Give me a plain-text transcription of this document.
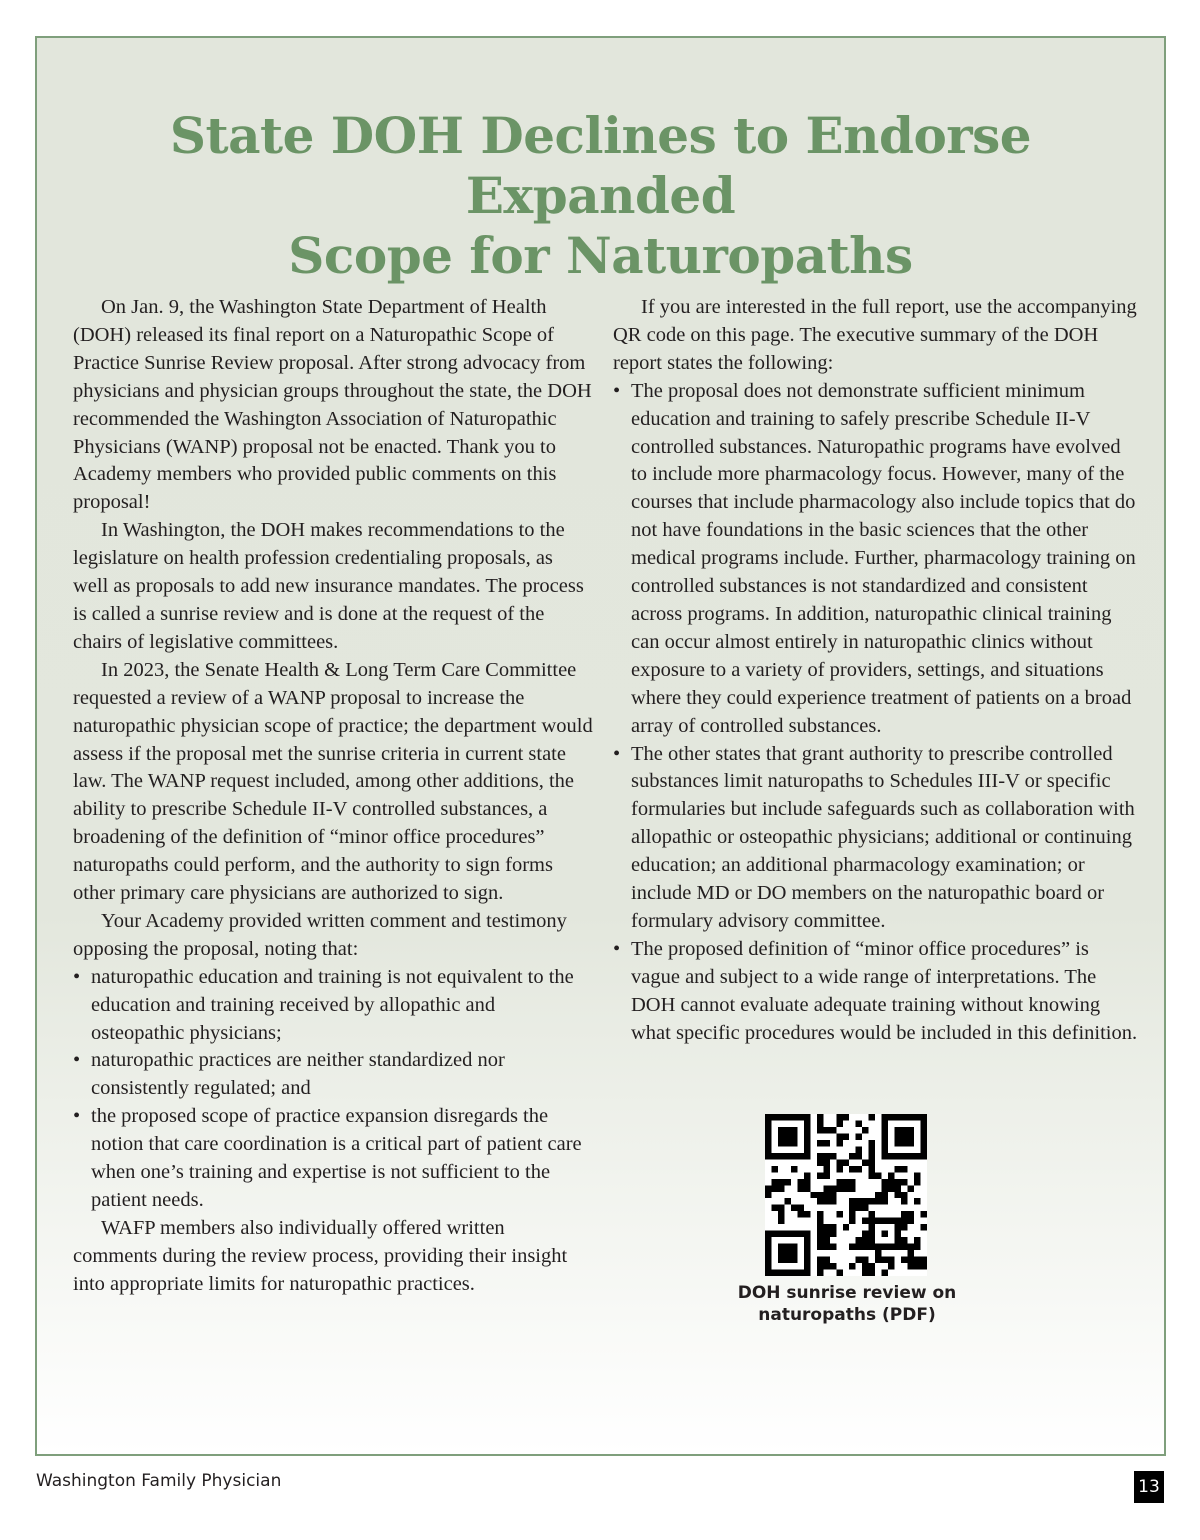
State DOH Declines to Endorse Expanded
Scope for Naturopaths

On Jan. 9, the Washington State Department of Health (DOH) released its final report on a Naturopathic Scope of Practice Sunrise Review proposal. After strong advocacy from physicians and physician groups throughout the state, the DOH recommended the Washington Association of Naturopathic Physicians (WANP) proposal not be enacted. Thank you to Academy members who provided public comments on this proposal!

In Washington, the DOH makes recommendations to the legislature on health profession credentialing proposals, as well as proposals to add new insurance mandates. The process is called a sunrise review and is done at the request of the chairs of legislative committees.

In 2023, the Senate Health & Long Term Care Committee requested a review of a WANP proposal to increase the naturopathic physician scope of practice; the department would assess if the proposal met the sunrise criteria in current state law. The WANP request included, among other additions, the ability to prescribe Schedule II-V controlled substances, a broadening of the definition of “minor office procedures” naturopaths could perform, and the authority to sign forms other primary care physicians are authorized to sign.

Your Academy provided written comment and testimony opposing the proposal, noting that:

• naturopathic education and training is not equivalent to the education and training received by allopathic and osteopathic physicians;
• naturopathic practices are neither standardized nor consistently regulated; and
• the proposed scope of practice expansion disregards the notion that care coordination is a critical part of patient care when one’s training and expertise is not sufficient to the patient needs.

WAFP members also individually offered written comments during the review process, providing their insight into appropriate limits for naturopathic practices.

If you are interested in the full report, use the accompanying QR code on this page. The executive summary of the DOH report states the following:

• The proposal does not demonstrate sufficient minimum education and training to safely prescribe Schedule II-V controlled substances. Naturopathic programs have evolved to include more pharmacology focus. However, many of the courses that include pharmacology also include topics that do not have foundations in the basic sciences that the other medical programs include. Further, pharmacology training on controlled substances is not standardized and consistent across programs. In addition, naturopathic clinical training can occur almost entirely in naturopathic clinics without exposure to a variety of providers, settings, and situations where they could experience treatment of patients on a broad array of controlled substances.
• The other states that grant authority to prescribe controlled substances limit naturopaths to Schedules III-V or specific formularies but include safeguards such as collaboration with allopathic or osteopathic physicians; additional or continuing education; an additional pharmacology examination; or include MD or DO members on the naturopathic board or formulary advisory committee.
• The proposed definition of “minor office procedures” is vague and subject to a wide range of interpretations. The DOH cannot evaluate adequate training without knowing what specific procedures would be included in this definition.
DOH sunrise review on
naturopaths (PDF)
Washington Family Physician	13
